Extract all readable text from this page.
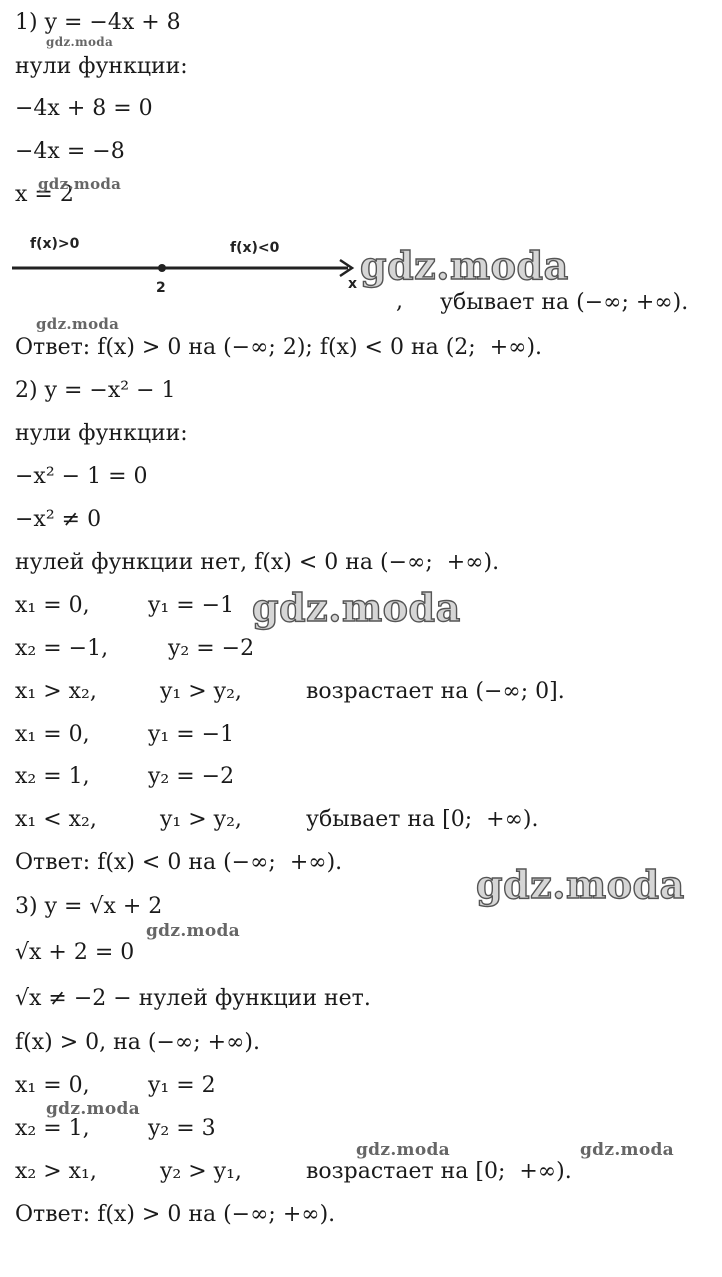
1) y = −4x + 8
нули функции:
−4x + 8 = 0
−4x = −8
x = 2
f(x)>0	f(x)<0
2	x
, убывает на (−∞; +∞).
Ответ: f(x) > 0 на (−∞; 2); f(x) < 0 на (2;  +∞).
2) y = −x² − 1
нули функции:
−x² − 1 = 0
−x² ≠ 0
нулей функции нет, f(x) < 0 на (−∞;  +∞).
x₁ = 0,	y₁ = −1
x₂ = −1,	y₂ = −2
x₁ > x₂,	y₁ > y₂,	возрастает на (−∞; 0].
x₁ = 0,	y₁ = −1
x₂ = 1,	y₂ = −2
x₁ < x₂,	y₁ > y₂,	убывает на [0;  +∞).
Ответ: f(x) < 0 на (−∞;  +∞).
3) y = √x + 2
√x + 2 = 0
√x ≠ −2 − нулей функции нет.
f(x) > 0, на (−∞; +∞).
x₁ = 0,	y₁ = 2
x₂ = 1,	y₂ = 3
x₂ > x₁,	y₂ > y₁,	возрастает на [0;  +∞).
Ответ: f(x) > 0 на (−∞; +∞).
gdz.moda
gdz.moda
gdz.moda
gdz.moda
gdz.moda
gdz.moda	gdz.moda
gdz.moda
gdz.moda
gdz.moda
